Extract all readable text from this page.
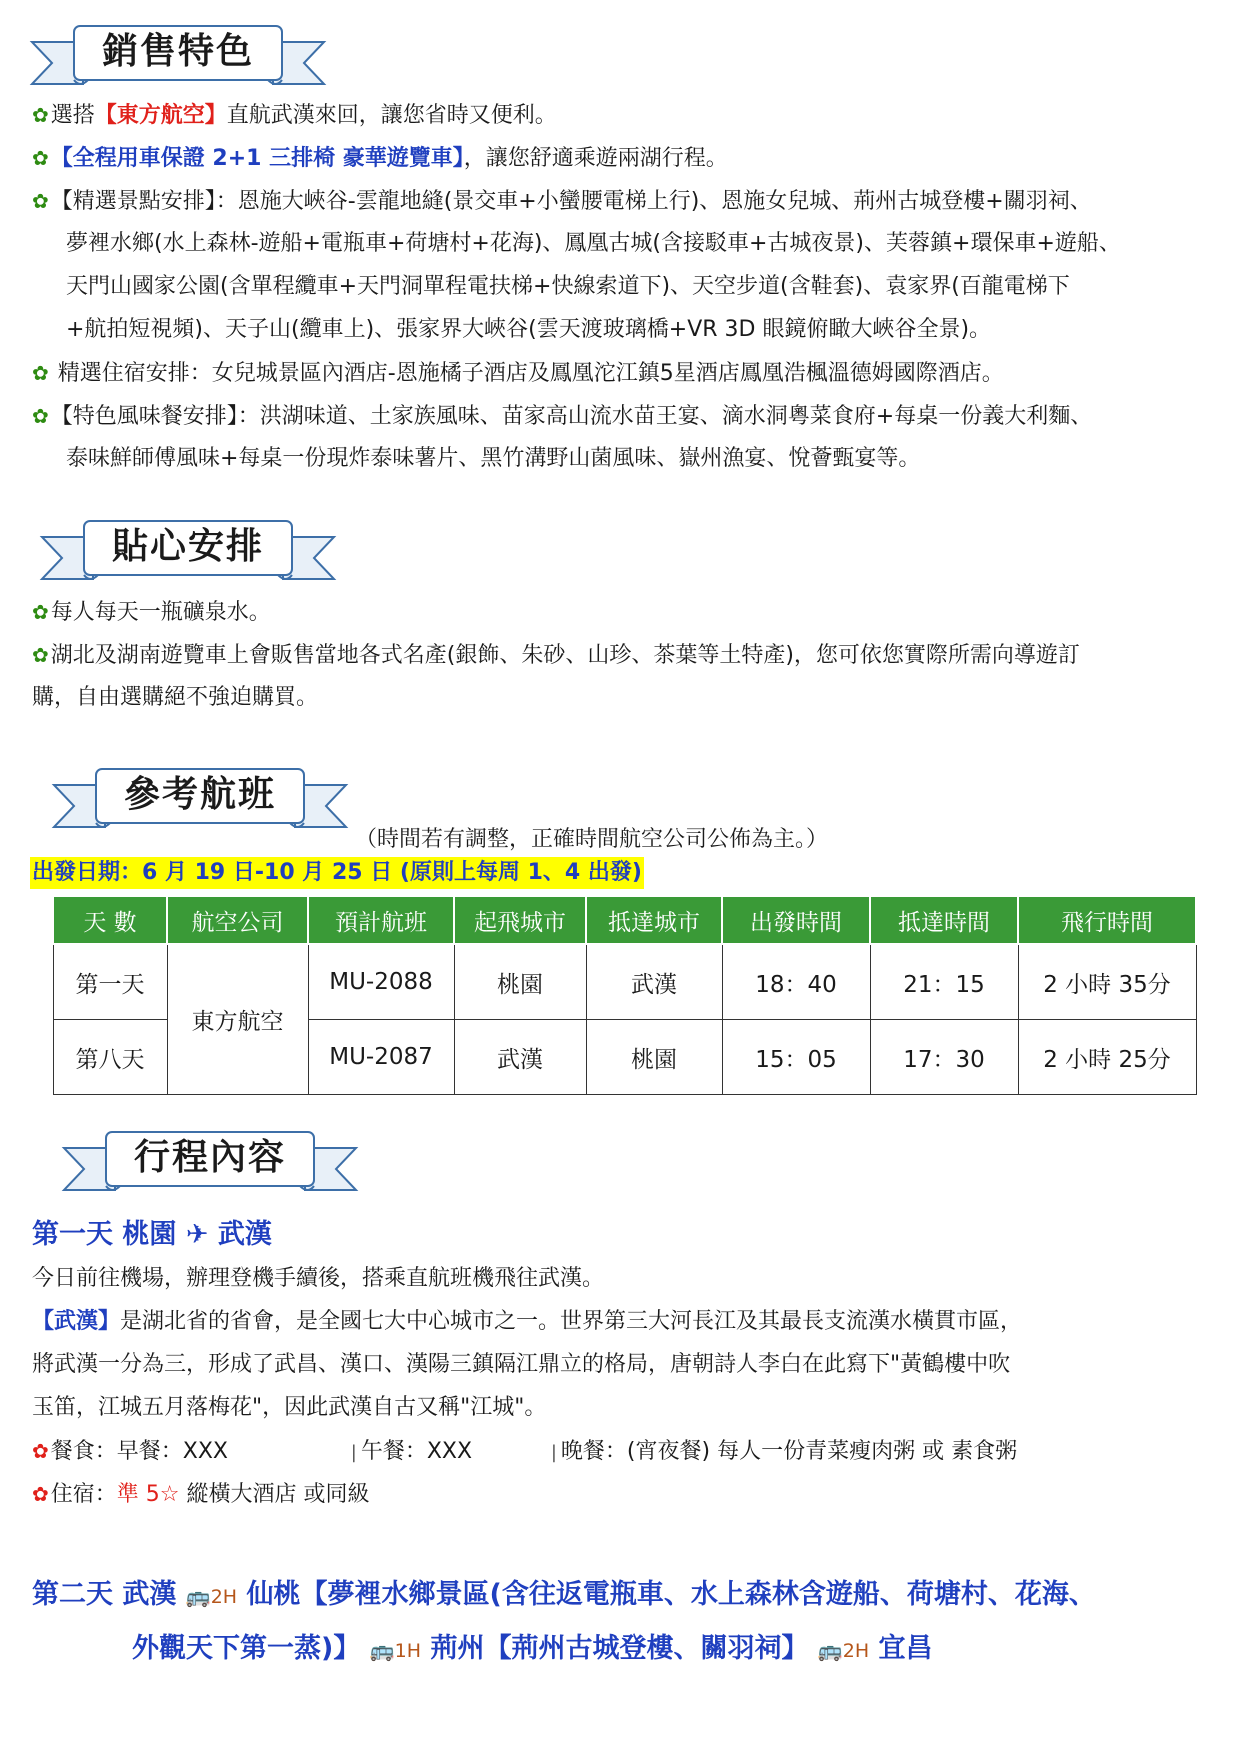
銷售特色
✿選搭【東方航空】直航武漢來回，讓您省時又便利。
✿【全程用車保證 2+1 三排椅 豪華遊覽車】，讓您舒適乘遊兩湖行程。
✿【精選景點安排】：恩施大峽谷-雲龍地縫(景交車+小蠻腰電梯上行)、恩施女兒城、荊州古城登樓+關羽祠、
夢裡水鄉(水上森林-遊船+電瓶車+荷塘村+花海)、鳳凰古城(含接駁車+古城夜景)、芙蓉鎮+環保車+遊船、
天門山國家公園(含單程纜車+天門洞單程電扶梯+快線索道下)、天空步道(含鞋套)、袁家界(百龍電梯下
+航拍短視頻)、天子山(纜車上)、張家界大峽谷(雲天渡玻璃橋+VR 3D 眼鏡俯瞰大峽谷全景)。
✿ 精選住宿安排：女兒城景區內酒店-恩施橘子酒店及鳳凰沱江鎮5星酒店鳳凰浩楓溫德姆國際酒店。
✿【特色風味餐安排】：洪湖味道、土家族風味、苗家高山流水苗王宴、滴水洞粵菜食府+每桌一份義大利麵、
泰味鮮師傅風味+每桌一份現炸泰味薯片、黑竹溝野山菌風味、嶽州漁宴、悅薈甄宴等。
貼心安排
✿每人每天一瓶礦泉水。
✿湖北及湖南遊覽車上會販售當地各式名產(銀飾、朱砂、山珍、茶葉等土特產)，您可依您實際所需向導遊訂
購，自由選購絕不強迫購買。
參考航班
（時間若有調整，正確時間航空公司公佈為主。）
出發日期：6 月 19 日-10 月 25 日 (原則上每周 1、4 出發)
天 數	航空公司	預計航班	起飛城市	抵達城市	出發時間	抵達時間	飛行時間
第一天	東方航空	MU-2088	桃園	武漢	18：40	21：15	2 小時 35分
第八天		MU-2087	武漢	桃園	15：05	17：30	2 小時 25分
行程內容
第一天 桃園 ✈ 武漢
今日前往機場，辦理登機手續後，搭乘直航班機飛往武漢。
【武漢】是湖北省的省會，是全國七大中心城市之一。世界第三大河長江及其最長支流漢水橫貫市區，
將武漢一分為三，形成了武昌、漢口、漢陽三鎮隔江鼎立的格局，唐朝詩人李白在此寫下"黃鶴樓中吹
玉笛，江城五月落梅花"，因此武漢自古又稱"江城"。
✿餐食：早餐：XXX	| 午餐：XXX	| 晚餐：(宵夜餐) 每人一份青菜瘦肉粥 或 素食粥
✿住宿：準 5☆ 縱橫大酒店 或同級
第二天 武漢 🚌2H 仙桃【夢裡水鄉景區(含往返電瓶車、水上森林含遊船、荷塘村、花海、
外觀天下第一蒸)】 🚌1H 荊州【荊州古城登樓、關羽祠】 🚌2H 宜昌
